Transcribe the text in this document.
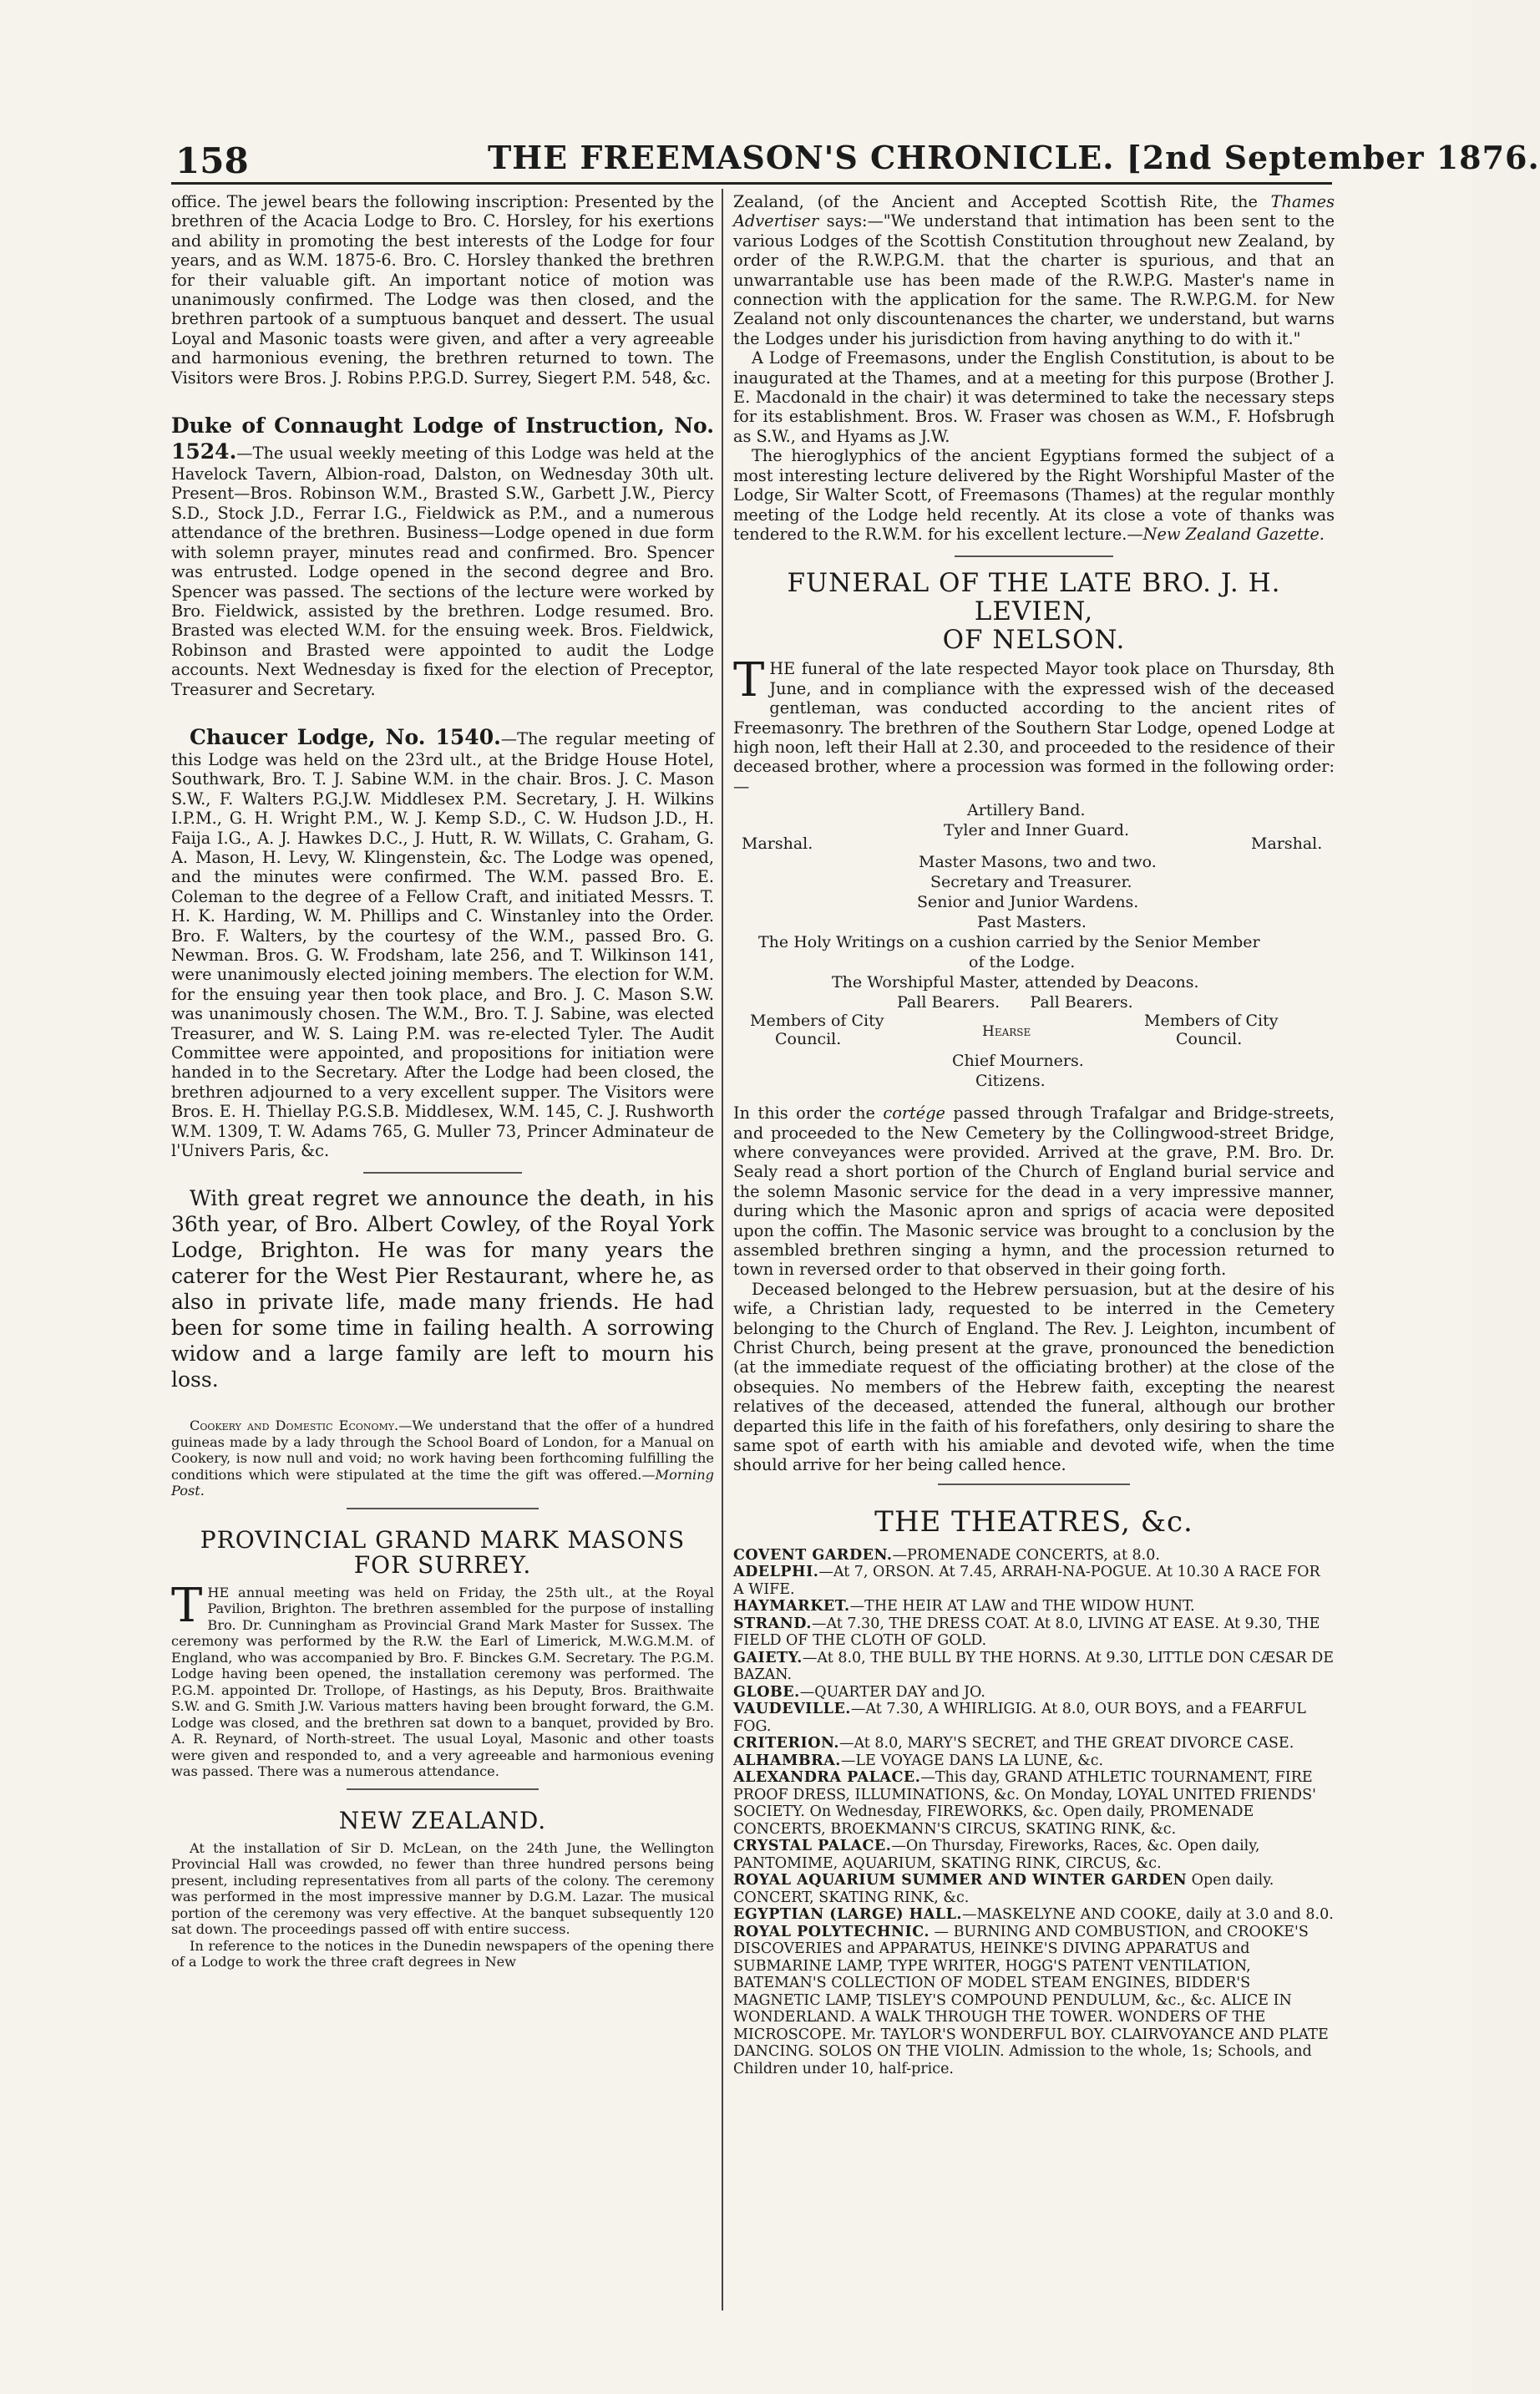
158	THE FREEMASON'S CHRONICLE. [2nd September 1876.

office. The jewel bears the following inscription: Presented by the brethren of the Acacia Lodge to Bro. C. Horsley, for his exertions and ability in promoting the best interests of the Lodge for four years, and as W.M. 1875-6. Bro. C. Horsley thanked the brethren for their valuable gift. An important notice of motion was unanimously confirmed. The Lodge was then closed, and the brethren partook of a sumptuous banquet and dessert. The usual Loyal and Masonic toasts were given, and after a very agreeable and harmonious evening, the brethren returned to town. The Visitors were Bros. J. Robins P.P.G.D. Surrey, Siegert P.M. 548, &c.

Duke of Connaught Lodge of Instruction, No. 1524.—The usual weekly meeting of this Lodge was held at the Havelock Tavern, Albion-road, Dalston, on Wednesday 30th ult. Present—Bros. Robinson W.M., Brasted S.W., Garbett J.W., Piercy S.D., Stock J.D., Ferrar I.G., Fieldwick as P.M., and a numerous attendance of the brethren. Business—Lodge opened in due form with solemn prayer, minutes read and confirmed. Bro. Spencer was entrusted. Lodge opened in the second degree and Bro. Spencer was passed. The sections of the lecture were worked by Bro. Fieldwick, assisted by the brethren. Lodge resumed. Bro. Brasted was elected W.M. for the ensuing week. Bros. Fieldwick, Robinson and Brasted were appointed to audit the Lodge accounts. Next Wednesday is fixed for the election of Preceptor, Treasurer and Secretary.

Chaucer Lodge, No. 1540.—The regular meeting of this Lodge was held on the 23rd ult., at the Bridge House Hotel, Southwark, Bro. T. J. Sabine W.M. in the chair. Bros. J. C. Mason S.W., F. Walters P.G.J.W. Middlesex P.M. Secretary, J. H. Wilkins I.P.M., G. H. Wright P.M., W. J. Kemp S.D., C. W. Hudson J.D., H. Faija I.G., A. J. Hawkes D.C., J. Hutt, R. W. Willats, C. Graham, G. A. Mason, H. Levy, W. Klingenstein, &c. The Lodge was opened, and the minutes were confirmed. The W.M. passed Bro. E. Coleman to the degree of a Fellow Craft, and initiated Messrs. T. H. K. Harding, W. M. Phillips and C. Winstanley into the Order. Bro. F. Walters, by the courtesy of the W.M., passed Bro. G. Newman. Bros. G. W. Frodsham, late 256, and T. Wilkinson 141, were unanimously elected joining members. The election for W.M. for the ensuing year then took place, and Bro. J. C. Mason S.W. was unanimously chosen. The W.M., Bro. T. J. Sabine, was elected Treasurer, and W. S. Laing P.M. was re-elected Tyler. The Audit Committee were appointed, and propositions for initiation were handed in to the Secretary. After the Lodge had been closed, the brethren adjourned to a very excellent supper. The Visitors were Bros. E. H. Thiellay P.G.S.B. Middlesex, W.M. 145, C. J. Rushworth W.M. 1309, T. W. Adams 765, G. Muller 73, Princer Adminateur de l'Univers Paris, &c.

With great regret we announce the death, in his 36th year, of Bro. Albert Cowley, of the Royal York Lodge, Brighton. He was for many years the caterer for the West Pier Restaurant, where he, as also in private life, made many friends. He had been for some time in failing health. A sorrowing widow and a large family are left to mourn his loss.

Cookery and Domestic Economy.—We understand that the offer of a hundred guineas made by a lady through the School Board of London, for a Manual on Cookery, is now null and void; no work having been forthcoming fulfilling the conditions which were stipulated at the time the gift was offered.—Morning Post.

PROVINCIAL GRAND MARK MASONS FOR SURREY.

THE annual meeting was held on Friday, the 25th ult., at the Royal Pavilion, Brighton. The brethren assembled for the purpose of installing Bro. Dr. Cunningham as Provincial Grand Mark Master for Sussex. The ceremony was performed by the R.W. the Earl of Limerick, M.W.G.M.M. of England, who was accompanied by Bro. F. Binckes G.M. Secretary. The P.G.M. Lodge having been opened, the installation ceremony was performed. The P.G.M. appointed Dr. Trollope, of Hastings, as his Deputy, Bros. Braithwaite S.W. and G. Smith J.W. Various matters having been brought forward, the G.M. Lodge was closed, and the brethren sat down to a banquet, provided by Bro. A. R. Reynard, of North-street. The usual Loyal, Masonic and other toasts were given and responded to, and a very agreeable and harmonious evening was passed. There was a numerous attendance.

NEW ZEALAND.

At the installation of Sir D. McLean, on the 24th June, the Wellington Provincial Hall was crowded, no fewer than three hundred persons being present, including representatives from all parts of the colony. The ceremony was performed in the most impressive manner by D.G.M. Lazar. The musical portion of the ceremony was very effective. At the banquet subsequently 120 sat down. The proceedings passed off with entire success.

In reference to the notices in the Dunedin newspapers of the opening there of a Lodge to work the three craft degrees in New

Zealand, (of the Ancient and Accepted Scottish Rite, the Thames Advertiser says:—"We understand that intimation has been sent to the various Lodges of the Scottish Constitution throughout new Zealand, by order of the R.W.P.G.M. that the charter is spurious, and that an unwarrantable use has been made of the R.W.P.G. Master's name in connection with the application for the same. The R.W.P.G.M. for New Zealand not only discountenances the charter, we understand, but warns the Lodges under his jurisdiction from having anything to do with it."

A Lodge of Freemasons, under the English Constitution, is about to be inaugurated at the Thames, and at a meeting for this purpose (Brother J. E. Macdonald in the chair) it was determined to take the necessary steps for its establishment. Bros. W. Fraser was chosen as W.M., F. Hofsbrugh as S.W., and Hyams as J.W.

The hieroglyphics of the ancient Egyptians formed the subject of a most interesting lecture delivered by the Right Worshipful Master of the Lodge, Sir Walter Scott, of Freemasons (Thames) at the regular monthly meeting of the Lodge held recently. At its close a vote of thanks was tendered to the R.W.M. for his excellent lecture.—New Zealand Gazette.

FUNERAL OF THE LATE BRO. J. H. LEVIEN,
OF NELSON.

THE funeral of the late respected Mayor took place on Thursday, 8th June, and in compliance with the expressed wish of the deceased gentleman, was conducted according to the ancient rites of Freemasonry. The brethren of the Southern Star Lodge, opened Lodge at high noon, left their Hall at 2.30, and proceeded to the residence of their deceased brother, where a procession was formed in the following order:—

Artillery Band.
Tyler and Inner Guard.
Marshal.	Marshal.
Master Masons, two and two.
Secretary and Treasurer.
Senior and Junior Wardens.
Past Masters.
The Holy Writings on a cushion carried by the Senior Member
of the Lodge.
The Worshipful Master, attended by Deacons.
Pall Bearers.      Pall Bearers.
Members of City
Council.	Hearse
Members of City
Council.
Chief Mourners.
Citizens.

In this order the cortége passed through Trafalgar and Bridge-streets, and proceeded to the New Cemetery by the Collingwood-street Bridge, where conveyances were provided. Arrived at the grave, P.M. Bro. Dr. Sealy read a short portion of the Church of England burial service and the solemn Masonic service for the dead in a very impressive manner, during which the Masonic apron and sprigs of acacia were deposited upon the coffin. The Masonic service was brought to a conclusion by the assembled brethren singing a hymn, and the procession returned to town in reversed order to that observed in their going forth.

Deceased belonged to the Hebrew persuasion, but at the desire of his wife, a Christian lady, requested to be interred in the Cemetery belonging to the Church of England. The Rev. J. Leighton, incumbent of Christ Church, being present at the grave, pronounced the benediction (at the immediate request of the officiating brother) at the close of the obsequies. No members of the Hebrew faith, excepting the nearest relatives of the deceased, attended the funeral, although our brother departed this life in the faith of his forefathers, only desiring to share the same spot of earth with his amiable and devoted wife, when the time should arrive for her being called hence.

THE THEATRES, &c.

COVENT GARDEN.—PROMENADE CONCERTS, at 8.0.

ADELPHI.—At 7, ORSON. At 7.45, ARRAH-NA-POGUE. At 10.30 A RACE FOR A WIFE.

HAYMARKET.—THE HEIR AT LAW and THE WIDOW HUNT.

STRAND.—At 7.30, THE DRESS COAT. At 8.0, LIVING AT EASE. At 9.30, THE FIELD OF THE CLOTH OF GOLD.

GAIETY.—At 8.0, THE BULL BY THE HORNS. At 9.30, LITTLE DON CÆSAR DE BAZAN.

GLOBE.—QUARTER DAY and JO.

VAUDEVILLE.—At 7.30, A WHIRLIGIG. At 8.0, OUR BOYS, and a FEARFUL FOG.

CRITERION.—At 8.0, MARY'S SECRET, and THE GREAT DIVORCE CASE.

ALHAMBRA.—LE VOYAGE DANS LA LUNE, &c.

ALEXANDRA PALACE.—This day, GRAND ATHLETIC TOURNAMENT, FIRE PROOF DRESS, ILLUMINATIONS, &c. On Monday, LOYAL UNITED FRIENDS' SOCIETY. On Wednesday, FIREWORKS, &c. Open daily, PROMENADE CONCERTS, BROEKMANN'S CIRCUS, SKATING RINK, &c.

CRYSTAL PALACE.—On Thursday, Fireworks, Races, &c. Open daily, PANTOMIME, AQUARIUM, SKATING RINK, CIRCUS, &c.

ROYAL AQUARIUM SUMMER AND WINTER GARDEN Open daily. CONCERT, SKATING RINK, &c.

EGYPTIAN (LARGE) HALL.—MASKELYNE AND COOKE, daily at 3.0 and 8.0.

ROYAL POLYTECHNIC. — BURNING AND COMBUSTION, and CROOKE'S DISCOVERIES and APPARATUS, HEINKE'S DIVING APPARATUS and SUBMARINE LAMP, TYPE WRITER, HOGG'S PATENT VENTILATION, BATEMAN'S COLLECTION OF MODEL STEAM ENGINES, BIDDER'S MAGNETIC LAMP, TISLEY'S COMPOUND PENDULUM, &c., &c. ALICE IN WONDERLAND. A WALK THROUGH THE TOWER. WONDERS OF THE MICROSCOPE. Mr. TAYLOR'S WONDERFUL BOY. CLAIRVOYANCE AND PLATE DANCING. SOLOS ON THE VIOLIN. Admission to the whole, 1s; Schools, and Children under 10, half-price.
